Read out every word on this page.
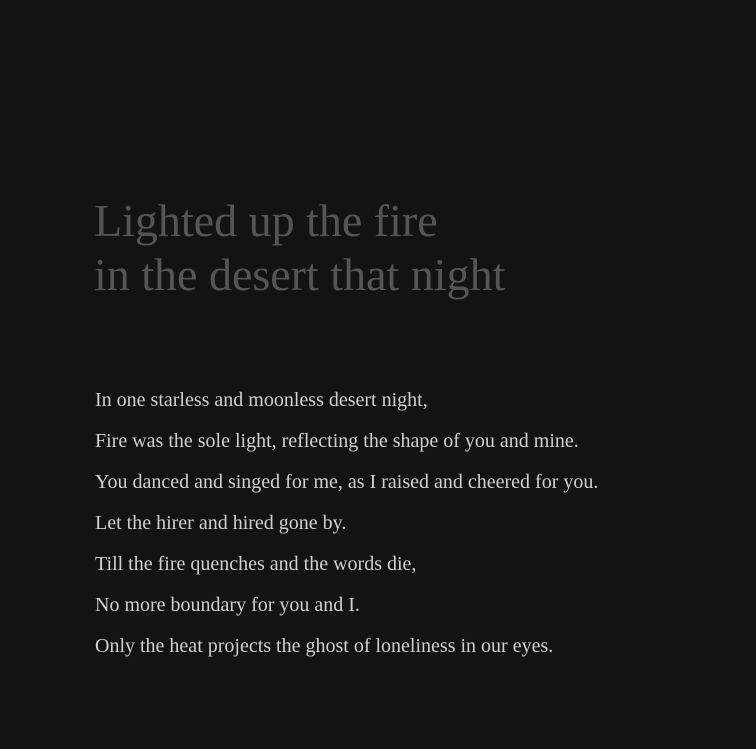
Lighted up the fire
in the desert that night
In one starless and moonless desert night,
Fire was the sole light, reflecting the shape of you and mine.
You danced and singed for me, as I raised and cheered for you.
Let the hirer and hired gone by.
Till the fire quenches and the words die,
No more boundary for you and I.
Only the heat projects the ghost of loneliness in our eyes.
